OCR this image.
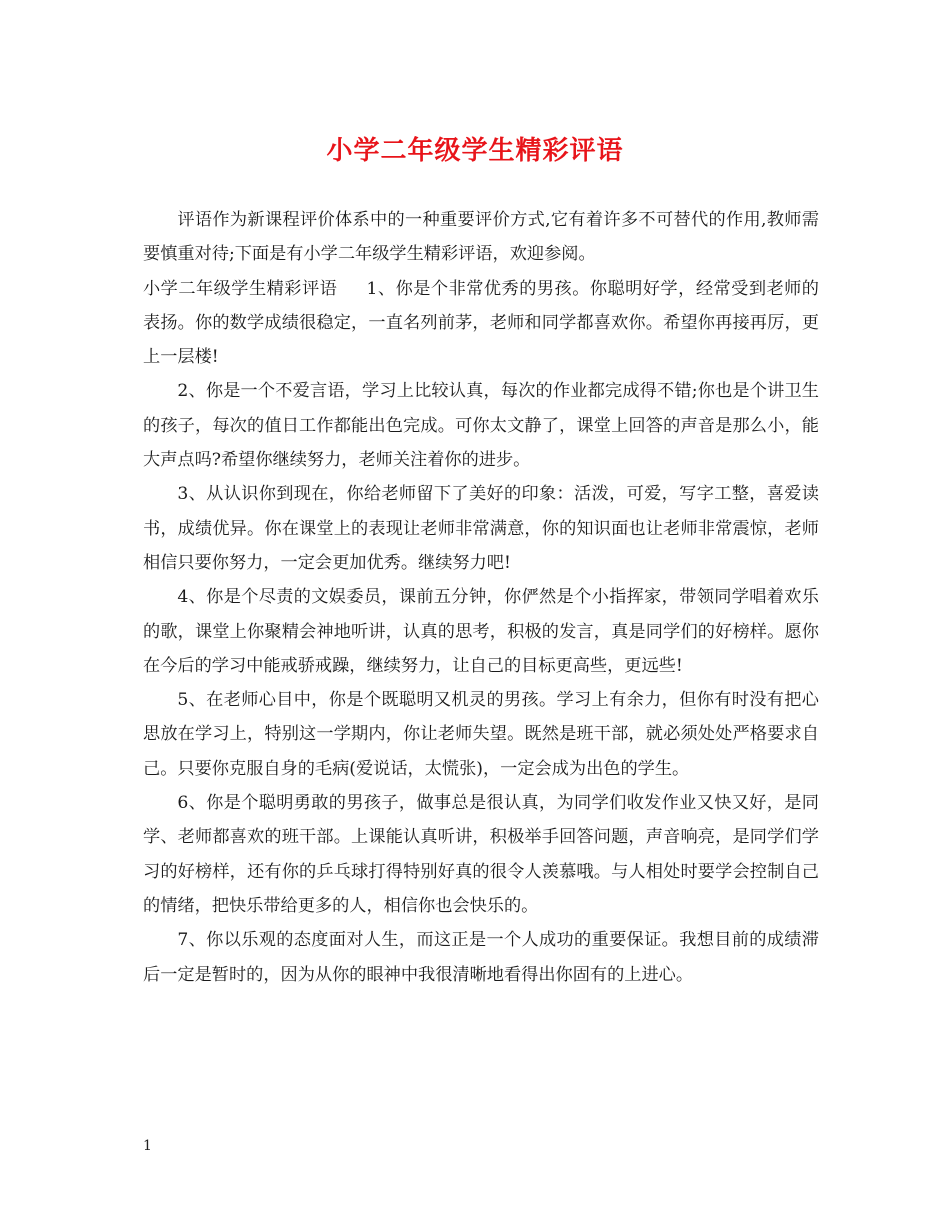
小学二年级学生精彩评语

评语作为新课程评价体系中的一种重要评价方式,它有着许多不可替代的作用,教师需要慎重对待;下面是有小学二年级学生精彩评语，欢迎参阅。

小学二年级学生精彩评语 1、你是个非常优秀的男孩。你聪明好学，经常受到老师的表扬。你的数学成绩很稳定，一直名列前茅，老师和同学都喜欢你。希望你再接再厉，更上一层楼!

2、你是一个不爱言语，学习上比较认真，每次的作业都完成得不错;你也是个讲卫生的孩子，每次的值日工作都能出色完成。可你太文静了，课堂上回答的声音是那么小，能大声点吗?希望你继续努力，老师关注着你的进步。

3、从认识你到现在，你给老师留下了美好的印象：活泼，可爱，写字工整，喜爱读书，成绩优异。你在课堂上的表现让老师非常满意，你的知识面也让老师非常震惊，老师相信只要你努力，一定会更加优秀。继续努力吧!

4、你是个尽责的文娱委员，课前五分钟，你俨然是个小指挥家，带领同学唱着欢乐的歌，课堂上你聚精会神地听讲，认真的思考，积极的发言，真是同学们的好榜样。愿你在今后的学习中能戒骄戒躁，继续努力，让自己的目标更高些，更远些!

5、在老师心目中，你是个既聪明又机灵的男孩。学习上有余力，但你有时没有把心思放在学习上，特别这一学期内，你让老师失望。既然是班干部，就必须处处严格要求自己。只要你克服自身的毛病(爱说话，太慌张)，一定会成为出色的学生。

6、你是个聪明勇敢的男孩子，做事总是很认真，为同学们收发作业又快又好，是同学、老师都喜欢的班干部。上课能认真听讲，积极举手回答问题，声音响亮，是同学们学习的好榜样，还有你的乒乓球打得特别好真的很令人羡慕哦。与人相处时要学会控制自己的情绪，把快乐带给更多的人，相信你也会快乐的。

7、你以乐观的态度面对人生，而这正是一个人成功的重要保证。我想目前的成绩滞后一定是暂时的，因为从你的眼神中我很清晰地看得出你固有的上进心。

1
